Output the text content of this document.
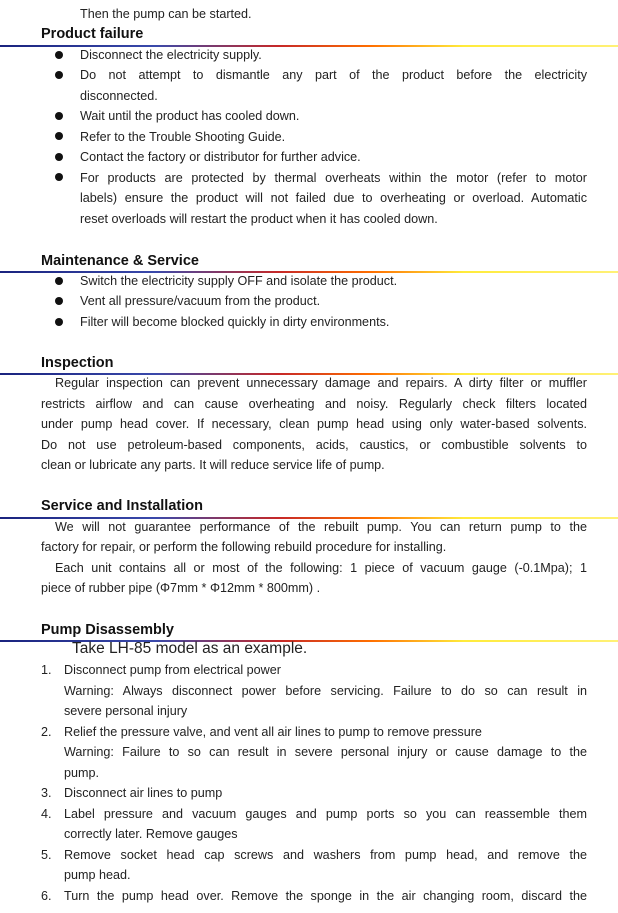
Then the pump can be started.
Product failure
Disconnect the electricity supply.
Do not attempt to dismantle any part of the product before the electricity
disconnected.
Wait until the product has cooled down.
Refer to the Trouble Shooting Guide.
Contact the factory or distributor for further advice.
For products are protected by thermal overheats within the motor (refer to motor
labels) ensure the product will not failed due to overheating or overload. Automatic
reset overloads will restart the product when it has cooled down.
Maintenance & Service
Switch the electricity supply OFF and isolate the product.
Vent all pressure/vacuum from the product.
Filter will become blocked quickly in dirty environments.
Inspection
Regular inspection can prevent unnecessary damage and repairs. A dirty filter or muffler
restricts airflow and can cause overheating and noisy. Regularly check filters located
under pump head cover. If necessary, clean pump head using only water-based solvents.
Do not use petroleum-based components, acids, caustics, or combustible solvents to
clean or lubricate any parts. It will reduce service life of pump.
Service and Installation
We will not guarantee performance of the rebuilt pump. You can return pump to the
factory for repair, or perform the following rebuild procedure for installing.
Each unit contains all or most of the following: 1 piece of vacuum gauge (-0.1Mpa); 1
piece of rubber pipe (Φ7mm * Φ12mm * 800mm) .
Pump Disassembly
Take LH-85 model as an example.
1. Disconnect pump from electrical power
Warning: Always disconnect power before servicing. Failure to do so can result in
severe personal injury
2. Relief the pressure valve, and vent all air lines to pump to remove pressure
Warning: Failure to so can result in severe personal injury or cause damage to the
pump.
3. Disconnect air lines to pump
4. Label pressure and vacuum gauges and pump ports so you can reassemble them
correctly later. Remove gauges
5. Remove socket head cap screws and washers from pump head, and remove the
pump head.
6. Turn the pump head over. Remove the sponge in the air changing room, discard the
